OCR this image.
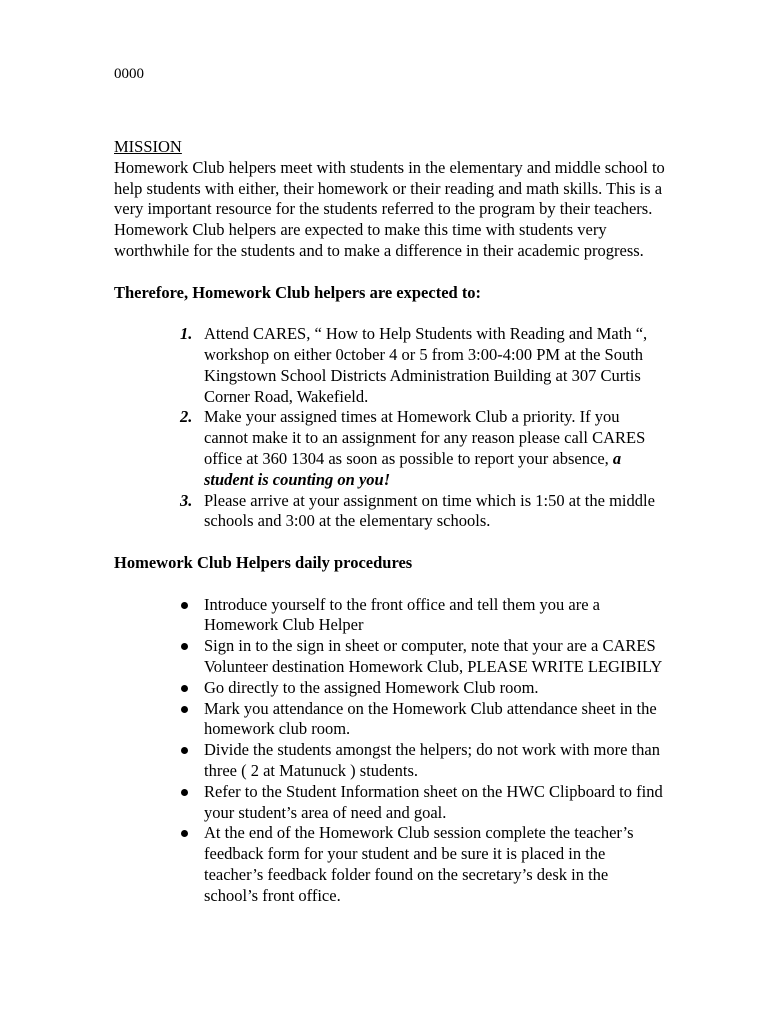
0000

MISSION

Homework Club helpers meet with students in the elementary and middle school to help students with either, their homework or their reading and math skills. This is a very important resource for the students referred to the program by their teachers. Homework Club helpers are expected to make this time with students very worthwhile for the students and to make a difference in their academic progress.

Therefore, Homework Club helpers are expected to:

1. Attend CARES, “ How to Help Students with Reading and Math “, workshop on either 0ctober 4 or 5 from 3:00-4:00 PM at the South Kingstown School Districts Administration Building at 307 Curtis Corner Road, Wakefield.
2. Make your assigned times at Homework Club a priority. If you cannot make it to an assignment for any reason please call CARES office at 360 1304 as soon as possible to report your absence, a student is counting on you!
3. Please arrive at your assignment on time which is 1:50 at the middle schools and 3:00 at the elementary schools.

Homework Club Helpers daily procedures

Introduce yourself to the front office and tell them you are a Homework Club Helper
Sign in to the sign in sheet or computer, note that your are a CARES Volunteer destination Homework Club, PLEASE WRITE LEGIBILY
Go directly to the assigned Homework Club room.
Mark you attendance on the Homework Club attendance sheet in the homework club room.
Divide the students amongst the helpers; do not work with more than three ( 2 at Matunuck ) students.
Refer to the Student Information sheet on the HWC Clipboard to find your student’s area of need and goal.
At the end of the Homework Club session complete the teacher’s feedback form for your student and be sure it is placed in the teacher’s feedback folder found on the secretary’s desk in the school’s front office.
